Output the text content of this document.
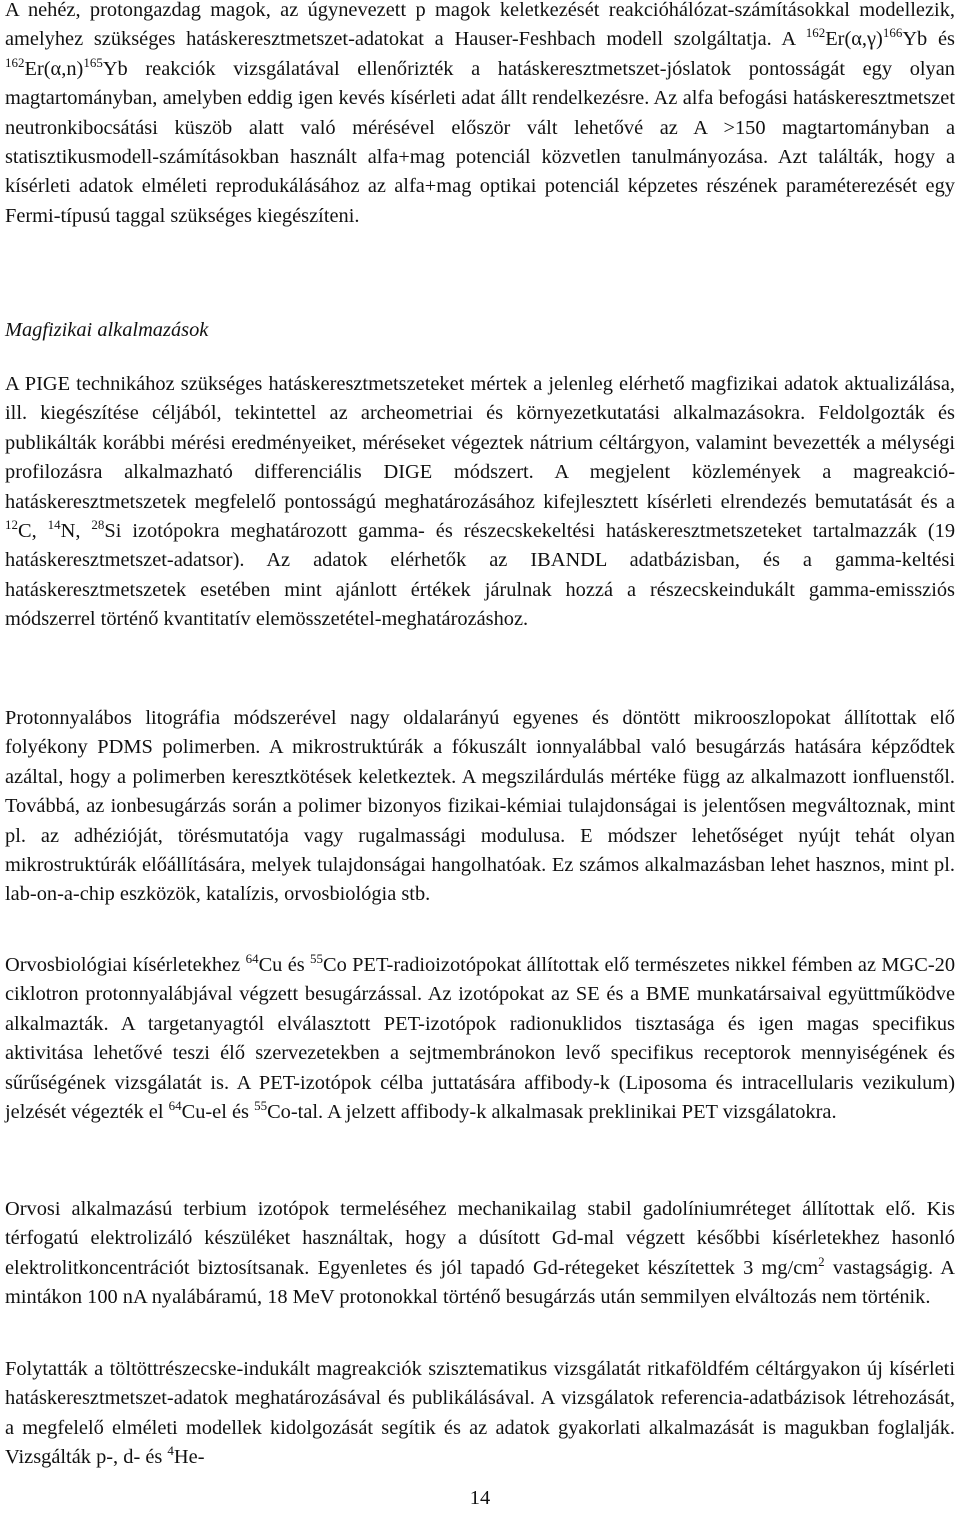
A nehéz, protongazdag magok, az úgynevezett p magok keletkezését reakcióhálózat-számításokkal modellezik, amelyhez szükséges hatáskeresztmetszet-adatokat a Hauser-Feshbach modell szolgáltatja. A $^{162}Er(\alpha,\gamma)^{166}Yb$ és $^{162}Er(\alpha,n)^{165}Yb$ reakciók vizsgálatával ellenőrizték a hatáskeresztmetszet-jóslatok pontosságát egy olyan magtartományban, amelyben eddig igen kevés kísérleti adat állt rendelkezésre. Az alfa befogási hatáskeresztmetszet neutronkibocsátási küszöb alatt való mérésével először vált lehetővé az A >150 magtartományban a statisztikusmodell-számításokban használt alfa+mag potenciál közvetlen tanulmányozása. Azt találták, hogy a kísérleti adatok elméleti reprodukálásához az alfa+mag optikai potenciál képzetes részének paraméterezését egy Fermi-típusú taggal szükséges kiegészíteni.

Magfizikai alkalmazások

A PIGE technikához szükséges hatáskeresztmetszeteket mértek a jelenleg elérhető magfizikai adatok aktualizálása, ill. kiegészítése céljából, tekintettel az archeometriai és környezetkutatási alkalmazásokra. Feldolgozták és publikálták korábbi mérési eredményeiket, méréseket végeztek nátrium céltárgyon, valamint bevezették a mélységi profilozásra alkalmazható differenciális DIGE módszert. A megjelent közlemények a magreakció-hatáskeresztmetszetek megfelelő pontosságú meghatározásához kifejlesztett kísérleti elrendezés bemutatását és a $^{12}$C, $^{14}$N, $^{28}$Si izotópokra meghatározott gamma- és részecskekeltési hatáskeresztmetszeteket tartalmazzák (19 hatáskeresztmetszet-adatsor). Az adatok elérhetők az IBANDL adatbázisban, és a gamma-keltési hatáskeresztmetszetek esetében mint ajánlott értékek járulnak hozzá a részecskeindukált gamma-emissziós módszerrel történő kvantitatív elemösszetétel-meghatározáshoz.

Protonnyalábos litográfia módszerével nagy oldalarányú egyenes és döntött mikrooszlopokat állítottak elő folyékony PDMS polimerben. A mikrostruktúrák a fókuszált ionnyalábbal való besugárzás hatására képződtek azáltal, hogy a polimerben keresztkötések keletkeztek. A megszilárdulás mértéke függ az alkalmazott ionfluenstől. Továbbá, az ionbesugárzás során a polimer bizonyos fizikai-kémiai tulajdonságai is jelentősen megváltoznak, mint pl. az adhézióját, törésmutatója vagy rugalmassági modulusa. E módszer lehetőséget nyújt tehát olyan mikrostruktúrák előállítására, melyek tulajdonságai hangolhatóak. Ez számos alkalmazásban lehet hasznos, mint pl. lab-on-a-chip eszközök, katalízis, orvosbiológia stb.

Orvosbiológiai kísérletekhez $^{64}$Cu és $^{55}$Co PET-radioizotópokat állítottak elő természetes nikkel fémben az MGC-20 ciklotron protonnyalábjával végzett besugárzással. Az izotópokat az SE és a BME munkatársaival együttműködve alkalmazták. A targetanyagtól elválasztott PET-izotópok radionuklidos tisztasága és igen magas specifikus aktivitása lehetővé teszi élő szervezetekben a sejtmembránokon levő specifikus receptorok mennyiségének és sűrűségének vizsgálatát is. A PET-izotópok célba juttatására affibody-k (Liposoma és intracellularis vezikulum) jelzését végezték el $^{64}$Cu-el és $^{55}$Co-tal. A jelzett affibody-k alkalmasak preklinikai PET vizsgálatokra.

Orvosi alkalmazású terbium izotópok termeléséhez mechanikailag stabil gadolíniumréteget állítottak elő. Kis térfogatú elektrolizáló készüléket használtak, hogy a dúsított Gd-mal végzett későbbi kísérletekhez hasonló elektrolitkoncentrációt biztosítsanak. Egyenletes és jól tapadó Gd-rétegeket készítettek 3 $mg/cm^2$ vastagságig. A mintákon 100 nA nyalábáramú, 18 MeV protonokkal történő besugárzás után semmilyen elváltozás nem történik.

Folytatták a töltöttrészecske-indukált magreakciók szisztematikus vizsgálatát ritkaföldfém céltárgyakon új kísérleti hatáskeresztmetszet-adatok meghatározásával és publikálásával. A vizsgálatok referencia-adatbázisok létrehozását, a megfelelő elméleti modellek kidolgozását segítik és az adatok gyakorlati alkalmazását is magukban foglalják. Vizsgálták p-, d- és $^4$He-

14
